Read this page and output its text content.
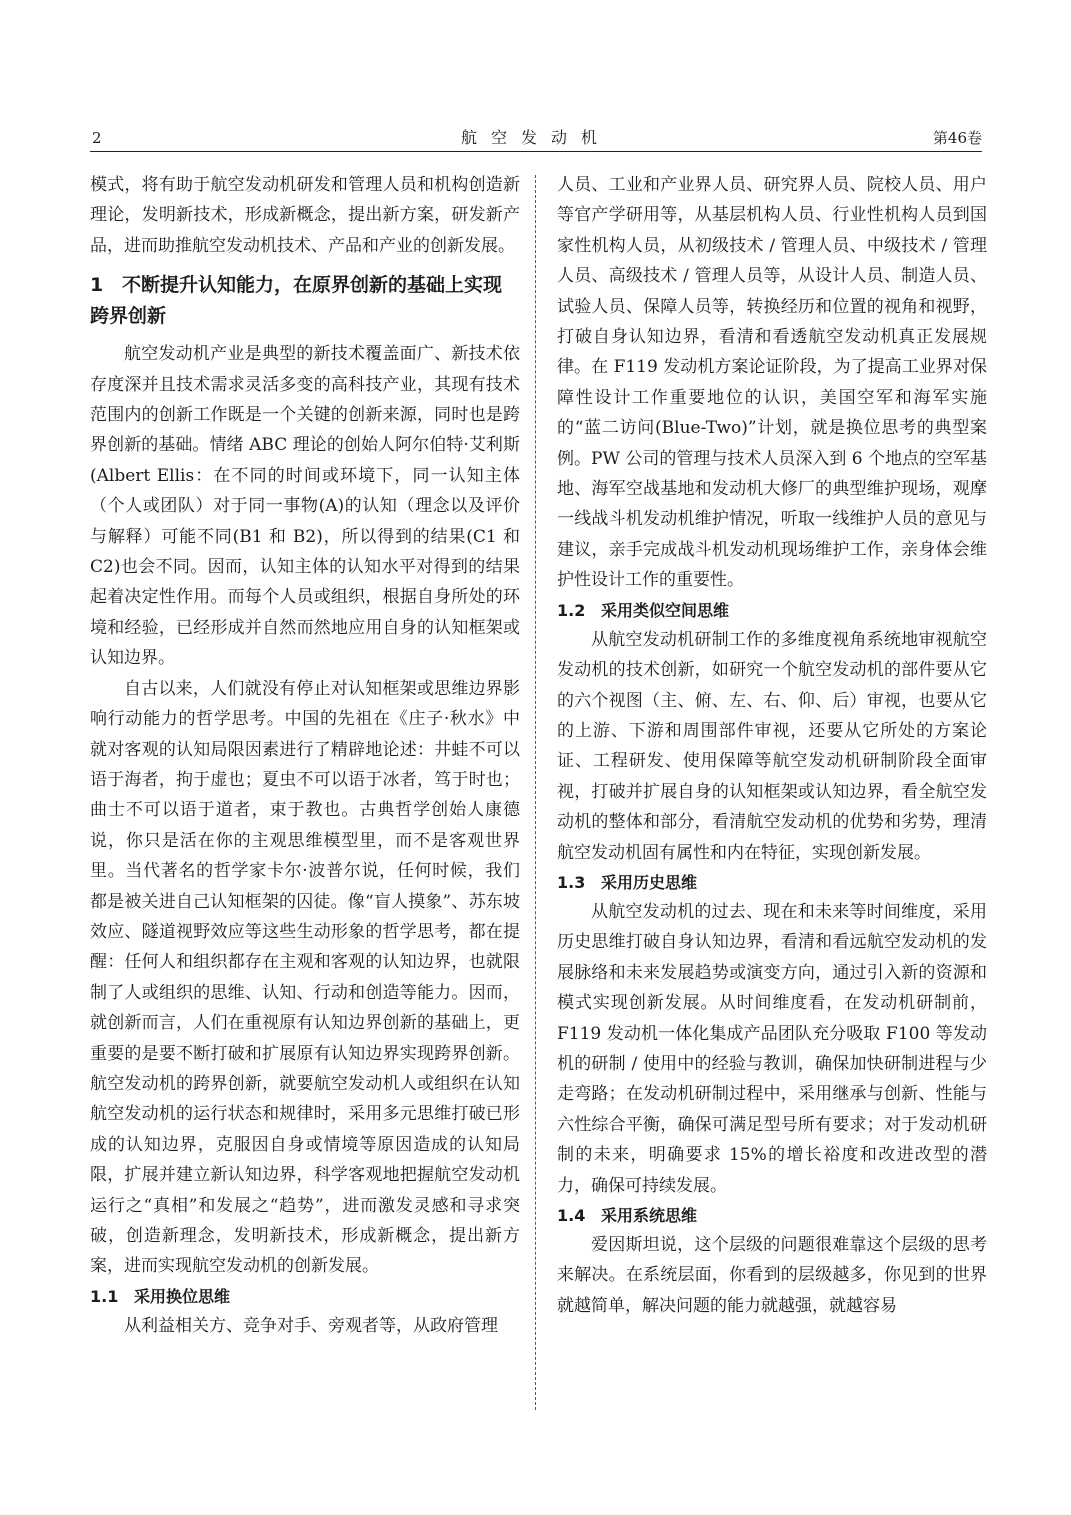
2	航空发动机	第46卷

模式，将有助于航空发动机研发和管理人员和机构创造新理论，发明新技术，形成新概念，提出新方案，研发新产品，进而助推航空发动机技术、产品和产业的创新发展。

1 不断提升认知能力，在原界创新的基础上实现跨界创新

航空发动机产业是典型的新技术覆盖面广、新技术依存度深并且技术需求灵活多变的高科技产业，其现有技术范围内的创新工作既是一个关键的创新来源，同时也是跨界创新的基础。情绪 ABC 理论的创始人阿尔伯特·艾利斯(Albert Ellis：在不同的时间或环境下，同一认知主体（个人或团队）对于同一事物(A)的认知（理念以及评价与解释）可能不同(B1 和 B2)，所以得到的结果(C1 和 C2)也会不同。因而，认知主体的认知水平对得到的结果起着决定性作用。而每个人员或组织，根据自身所处的环境和经验，已经形成并自然而然地应用自身的认知框架或认知边界。

自古以来，人们就没有停止对认知框架或思维边界影响行动能力的哲学思考。中国的先祖在《庄子·秋水》中就对客观的认知局限因素进行了精辟地论述：井蛙不可以语于海者，拘于虚也；夏虫不可以语于冰者，笃于时也；曲士不可以语于道者，束于教也。古典哲学创始人康德说，你只是活在你的主观思维模型里，而不是客观世界里。当代著名的哲学家卡尔·波普尔说，任何时候，我们都是被关进自己认知框架的囚徒。像“盲人摸象”、苏东坡效应、隧道视野效应等这些生动形象的哲学思考，都在提醒：任何人和组织都存在主观和客观的认知边界，也就限制了人或组织的思维、认知、行动和创造等能力。因而，就创新而言，人们在重视原有认知边界创新的基础上，更重要的是要不断打破和扩展原有认知边界实现跨界创新。航空发动机的跨界创新，就要航空发动机人或组织在认知航空发动机的运行状态和规律时，采用多元思维打破已形成的认知边界，克服因自身或情境等原因造成的认知局限，扩展并建立新认知边界，科学客观地把握航空发动机运行之“真相”和发展之“趋势”，进而激发灵感和寻求突破，创造新理念，发明新技术，形成新概念，提出新方案，进而实现航空发动机的创新发展。

1.1 采用换位思维

从利益相关方、竞争对手、旁观者等，从政府管理

人员、工业和产业界人员、研究界人员、院校人员、用户等官产学研用等，从基层机构人员、行业性机构人员到国家性机构人员，从初级技术 / 管理人员、中级技术 / 管理人员、高级技术 / 管理人员等，从设计人员、制造人员、试验人员、保障人员等，转换经历和位置的视角和视野，打破自身认知边界，看清和看透航空发动机真正发展规律。在 F119 发动机方案论证阶段，为了提高工业界对保障性设计工作重要地位的认识，美国空军和海军实施的“蓝二访问(Blue-Two)”计划，就是换位思考的典型案例。PW 公司的管理与技术人员深入到 6 个地点的空军基地、海军空战基地和发动机大修厂的典型维护现场，观摩一线战斗机发动机维护情况，听取一线维护人员的意见与建议，亲手完成战斗机发动机现场维护工作，亲身体会维护性设计工作的重要性。

1.2 采用类似空间思维

从航空发动机研制工作的多维度视角系统地审视航空发动机的技术创新，如研究一个航空发动机的部件要从它的六个视图（主、俯、左、右、仰、后）审视，也要从它的上游、下游和周围部件审视，还要从它所处的方案论证、工程研发、使用保障等航空发动机研制阶段全面审视，打破并扩展自身的认知框架或认知边界，看全航空发动机的整体和部分，看清航空发动机的优势和劣势，理清航空发动机固有属性和内在特征，实现创新发展。

1.3 采用历史思维

从航空发动机的过去、现在和未来等时间维度，采用历史思维打破自身认知边界，看清和看远航空发动机的发展脉络和未来发展趋势或演变方向，通过引入新的资源和模式实现创新发展。从时间维度看，在发动机研制前，F119 发动机一体化集成产品团队充分吸取 F100 等发动机的研制 / 使用中的经验与教训，确保加快研制进程与少走弯路；在发动机研制过程中，采用继承与创新、性能与六性综合平衡，确保可满足型号所有要求；对于发动机研制的未来，明确要求 15%的增长裕度和改进改型的潜力，确保可持续发展。

1.4 采用系统思维

爱因斯坦说，这个层级的问题很难靠这个层级的思考来解决。在系统层面，你看到的层级越多，你见到的世界就越简单，解决问题的能力就越强，就越容易
